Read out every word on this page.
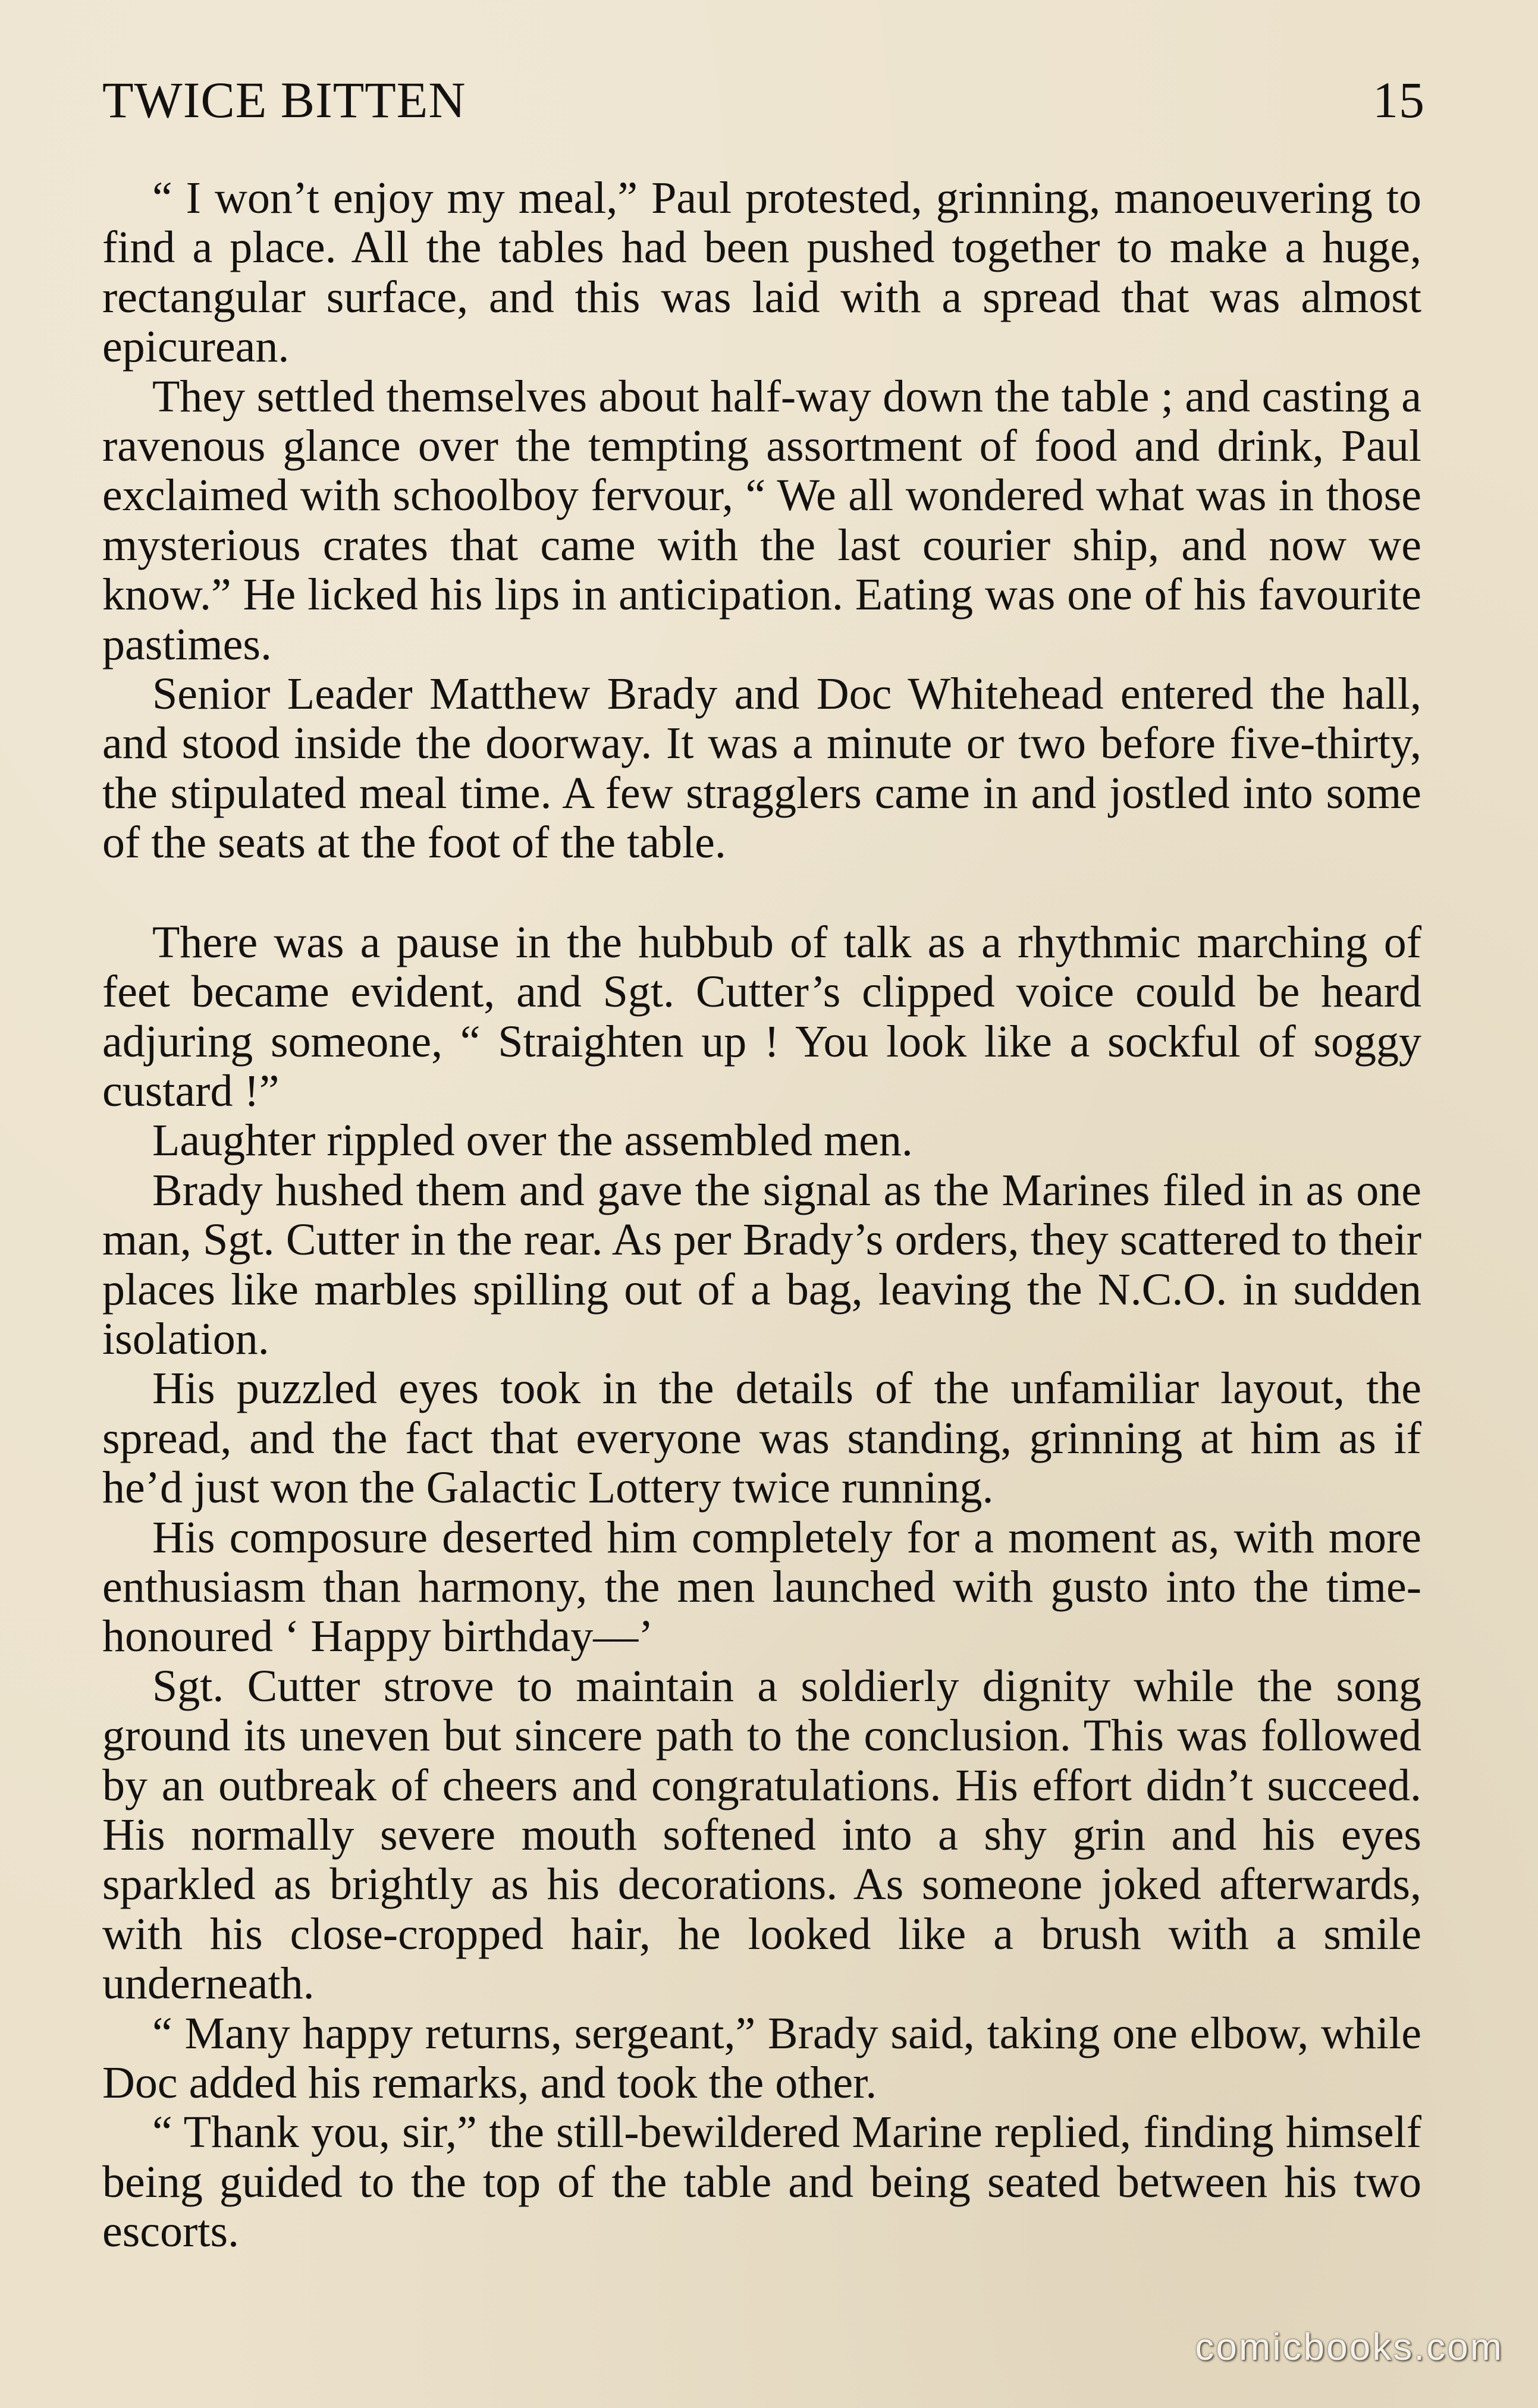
TWICE BITTEN	15

“ I won’t enjoy my meal,” Paul protested, grinning, manoeuvering to find a place. All the tables had been pushed together to make a huge, rectangular surface, and this was laid with a spread that was almost epicurean.

They settled themselves about half-way down the table ; and casting a ravenous glance over the tempting assortment of food and drink, Paul exclaimed with schoolboy fervour, “ We all wondered what was in those mysterious crates that came with the last courier ship, and now we know.” He licked his lips in anticipation. Eating was one of his favourite pastimes.

Senior Leader Matthew Brady and Doc Whitehead entered the hall, and stood inside the doorway. It was a minute or two before five-thirty, the stipulated meal time. A few stragglers came in and jostled into some of the seats at the foot of the table.

There was a pause in the hubbub of talk as a rhythmic marching of feet became evident, and Sgt. Cutter’s clipped voice could be heard adjuring someone, “ Straighten up ! You look like a sockful of soggy custard !”

Laughter rippled over the assembled men.

Brady hushed them and gave the signal as the Marines filed in as one man, Sgt. Cutter in the rear. As per Brady’s orders, they scattered to their places like marbles spilling out of a bag, leaving the N.C.O. in sudden isolation.

His puzzled eyes took in the details of the unfamiliar layout, the spread, and the fact that everyone was standing, grinning at him as if he’d just won the Galactic Lottery twice running.

His composure deserted him completely for a moment as, with more enthusiasm than harmony, the men launched with gusto into the time-honoured ‘ Happy birthday—’

Sgt. Cutter strove to maintain a soldierly dignity while the song ground its uneven but sincere path to the conclusion. This was followed by an outbreak of cheers and congratulations. His effort didn’t succeed. His normally severe mouth softened into a shy grin and his eyes sparkled as brightly as his decorations. As someone joked afterwards, with his close-cropped hair, he looked like a brush with a smile underneath.

“ Many happy returns, sergeant,” Brady said, taking one elbow, while Doc added his remarks, and took the other.

“ Thank you, sir,” the still-bewildered Marine replied, finding himself being guided to the top of the table and being seated between his two escorts.

comicbooks.com
